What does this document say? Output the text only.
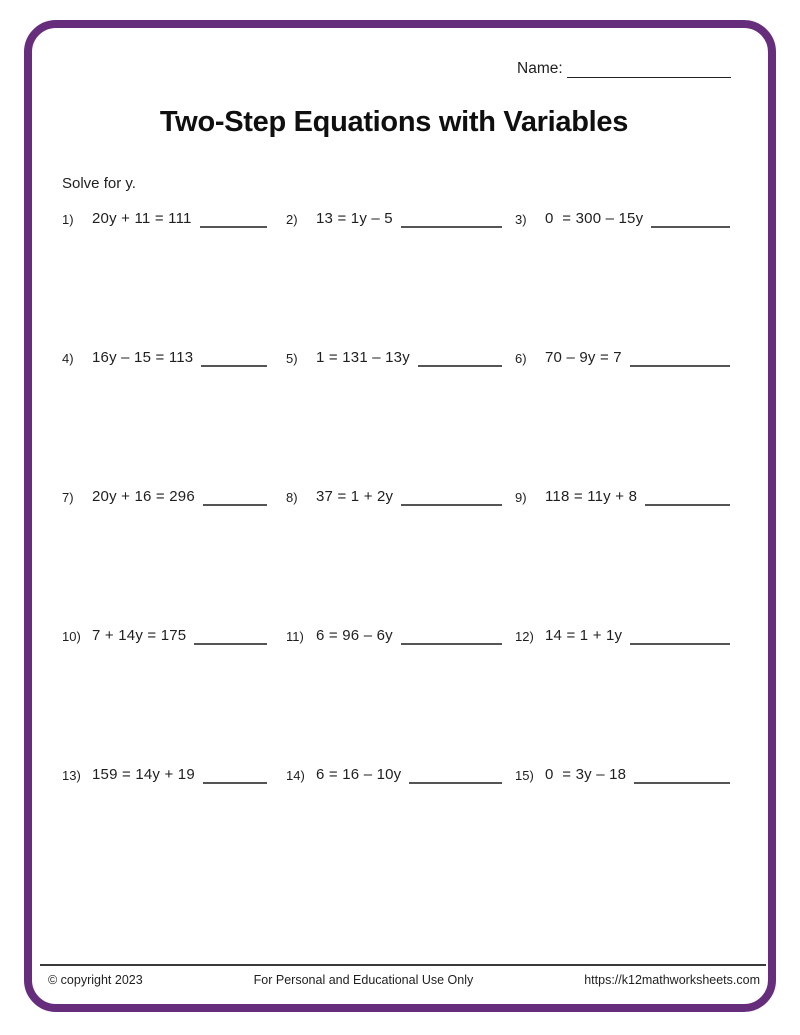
Name:
Two-Step Equations with Variables
Solve for y.
1)	20y + 11 = 111	2)	13 = 1y – 5	3)	0  = 300 – 15y
4)	16y – 15 = 113	5)	1 = 131 – 13y	6)	70 – 9y = 7
7)	20y + 16 = 296	8)	37 = 1 + 2y	9)	118 = 11y + 8
10) 7 + 14y = 175	11) 6 = 96 – 6y	12) 14 = 1 + 1y
13) 159 = 14y + 19	14) 6 = 16 – 10y	15) 0  = 3y – 18
© copyright 2023	For Personal and Educational Use Only	https://k12mathworksheets.com
